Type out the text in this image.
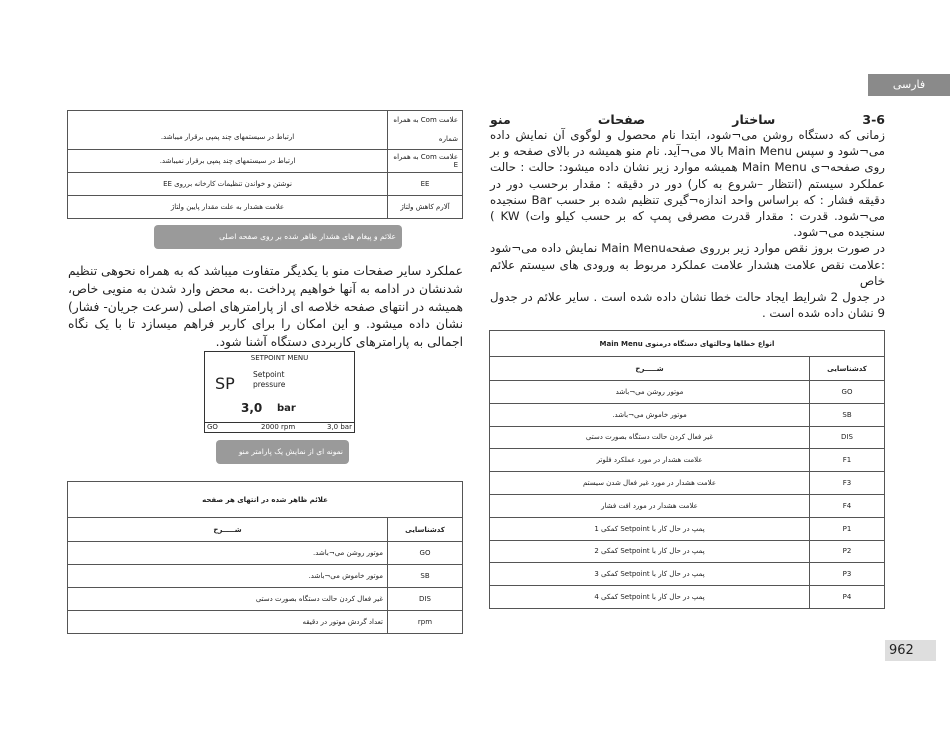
فارسی
علامت Com به همراه شماره	ارتباط در سیستمهای چند پمپی برقرار میباشد.
علامت Com به همراه E	ارتباط در سیستمهای چند پمپی برقرار نمیباشد.
EE	نوشتن و خواندن تنظیمات کارخانه برروی EE
آلارم کاهش ولتاژ	علامت هشدار به علت مقدار پایین ولتاژ
علائم و پیغام های هشدار ظاهر شده بر روی صفحه اصلی
عملکرد سایر صفحات منو با یکدیگر متفاوت میباشد که به همراه نحوهی تنظیم شدنشان در ادامه به آنها خواهیم پرداخت .به محض وارد شدن به منویی خاص، همیشه در انتهای صفحه خلاصه ای از پارامترهای اصلی (سرعت جریان- فشار) نشان داده میشود. و این امکان را برای کاربر فراهم میسازد تا با یک نگاه اجمالی به پارامترهای کاربردی دستگاه آشنا شود.
SETPOINT MENU
SP Setpoint
pressure
3,0 bar
GO	2000 rpm	3,0 bar
نمونه ای از نمایش یک پارامتر منو
علائم ظاهر شده در انتهای هر صفحه	
کدشناسایی	شـــــرح
GO	موتور روشن می¬باشد.
SB	موتور خاموش می¬باشد.
DIS	غیر فعال کردن حالت دستگاه بصورت دستی
rpm	تعداد گردش موتور در دقیقه
3-6 ساختار صفحات منو

زمانی که دستگاه روشن می¬شود، ابتدا نام محصول و لوگوی آن نمایش داده می¬شود و سپس Main Menu بالا می¬آید. نام منو همیشه در بالای صفحه و بر روی صفحه¬ی Main Menu همیشه موارد زیر نشان داده میشود: حالت : حالت عملکرد سیستم (انتظار –شروع به کار) دور در دقیقه : مقدار برحسب دور در دقیقه فشار : که براساس واحد اندازه¬گیری تنظیم شده بر حسب Bar سنجیده می¬شود. قدرت : مقدار قدرت مصرفی پمپ که بر حسب کیلو وات) KW ) سنجیده می¬شود.

در صورت بروز نقص موارد زیر برروی صفحهMain Menu نمایش داده می¬شود :علامت نقص علامت هشدار علامت عملکرد مربوط به ورودی های سیستم علائم خاص

در جدول 2 شرایط ایجاد حالت خطا نشان داده شده است . سایر علائم در جدول 9 نشان داده شده است .

انواع خطاها وحالتهای دستگاه درمنوی Main Menu	
کدشناسایی	شـــــرح
GO	موتور روشن می¬باشد
SB	موتور خاموش می¬باشد.
DIS	غیر فعال کردن حالت دستگاه بصورت دستی
F1	علامت هشدار در مورد عملکرد فلوتر
F3	علامت هشدار در مورد غیر فعال شدن سیستم
F4	علامت هشدار در مورد افت فشار
P1	پمپ در حال کار با Setpoint کمکی 1
P2	پمپ در حال کار با Setpoint کمکی 2
P3	پمپ در حال کار با Setpoint کمکی 3
P4	پمپ در حال کار با Setpoint کمکی 4
962
